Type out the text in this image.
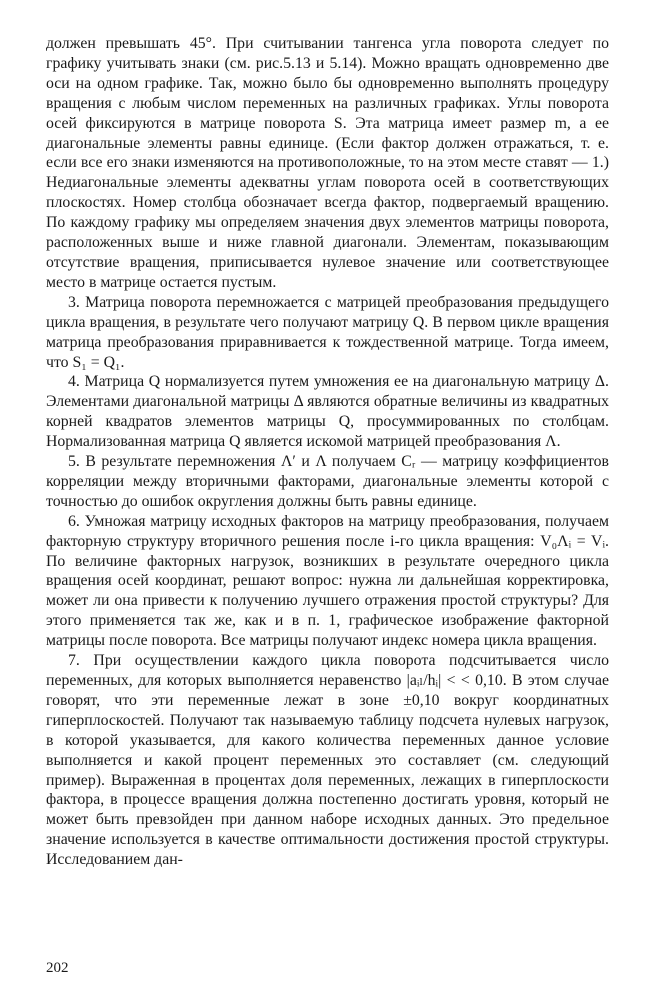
должен превышать 45°. При считывании тангенса угла поворота следует по графику учитывать знаки (см. рис.5.13 и 5.14). Можно вращать одновременно две оси на одном графике. Так, можно было бы одновременно выполнять процедуру вращения с любым числом переменных на различных графиках. Углы поворота осей фиксируются в матрице поворота S. Эта матрица имеет размер m, а ее диагональные элементы равны единице. (Если фактор должен отражаться, т. е. если все его знаки изменяются на противоположные, то на этом месте ставят — 1.) Недиагональные элементы адекватны углам поворота осей в соответствующих плоскостях. Номер столбца обозначает всегда фактор, подвергаемый вращению. По каждому графику мы определяем значения двух элементов матрицы поворота, расположенных выше и ниже главной диагонали. Элементам, показывающим отсутствие вращения, приписывается нулевое значение или соответствующее место в матрице остается пустым.

3. Матрица поворота перемножается с матрицей преобразования предыдущего цикла вращения, в результате чего получают матрицу Q. В первом цикле вращения матрица преобразования приравнивается к тождественной матрице. Тогда имеем, что S₁ = Q₁.

4. Матрица Q нормализуется путем умножения ее на диагональную матрицу Δ. Элементами диагональной матрицы Δ являются обратные величины из квадратных корней квадратов элементов матрицы Q, просуммированных по столбцам. Нормализованная матрица Q является искомой матрицей преобразования Λ.

5. В результате перемножения Λ′ и Λ получаем Cᵣ — матрицу коэффициентов корреляции между вторичными факторами, диагональные элементы которой с точностью до ошибок округления должны быть равны единице.

6. Умножая матрицу исходных факторов на матрицу преобразования, получаем факторную структуру вторичного решения после i-го цикла вращения: V₀Λᵢ = Vᵢ. По величине факторных нагрузок, возникших в результате очередного цикла вращения осей координат, решают вопрос: нужна ли дальнейшая корректировка, может ли она привести к получению лучшего отражения простой структуры? Для этого применяется так же, как и в п. 1, графическое изображение факторной матрицы после поворота. Все матрицы получают индекс номера цикла вращения.

7. При осуществлении каждого цикла поворота подсчитывается число переменных, для которых выполняется неравенство |aᵢₗ/hᵢ| < < 0,10. В этом случае говорят, что эти переменные лежат в зоне ±0,10 вокруг координатных гиперплоскостей. Получают так называемую таблицу подсчета нулевых нагрузок, в которой указывается, для какого количества переменных данное условие выполняется и какой процент переменных это составляет (см. следующий пример). Выраженная в процентах доля переменных, лежащих в гиперплоскости фактора, в процессе вращения должна постепенно достигать уровня, который не может быть превзойден при данном наборе исходных данных. Это предельное значение используется в качестве оптимальности достижения простой структуры. Исследованием дан-

202
